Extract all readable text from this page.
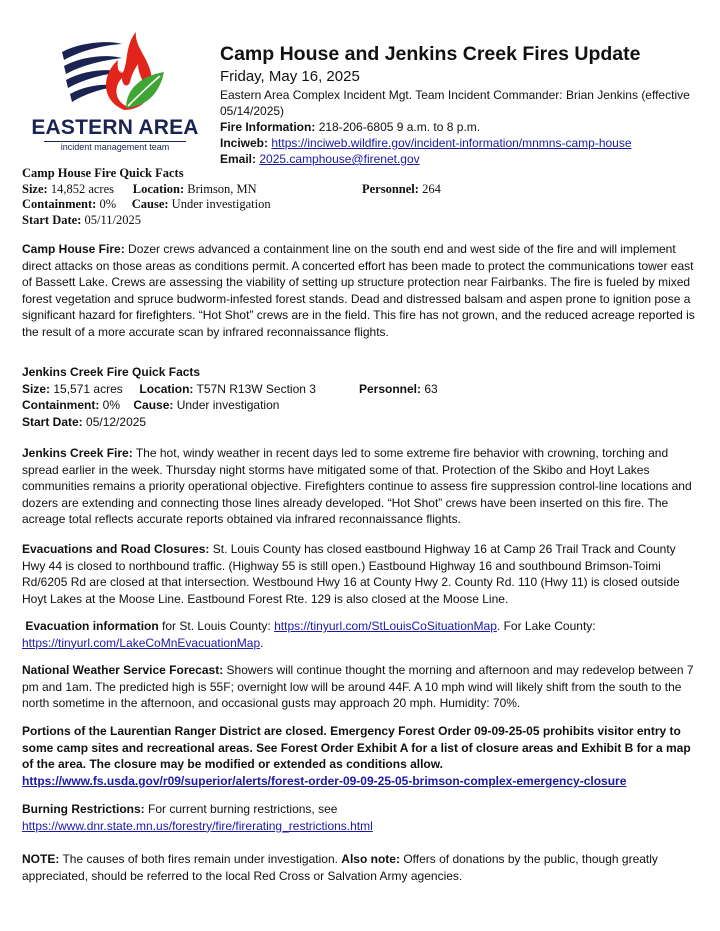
EASTERN AREA
incident management team
Camp House and Jenkins Creek Fires Update
Friday, May 16, 2025
Eastern Area Complex Incident Mgt. Team Incident Commander: Brian Jenkins (effective 05/14/2025)
Fire Information: 218-206-6805 9 a.m. to 8 p.m.
Inciweb: https://inciweb.wildfire.gov/incident-information/mnmns-camp-house
Email: 2025.camphouse@firenet.gov
Camp House Fire Quick Facts
Size: 14,852 acres Location: Brimson, MN	Personnel: 264
Containment: 0% Cause: Under investigation
Start Date: 05/11/2025
Camp House Fire: Dozer crews advanced a containment line on the south end and west side of the fire and will implement direct attacks on those areas as conditions permit. A concerted effort has been made to protect the communications tower east of Bassett Lake. Crews are assessing the viability of setting up structure protection near Fairbanks. The fire is fueled by mixed forest vegetation and spruce budworm-infested forest stands. Dead and distressed balsam and aspen prone to ignition pose a significant hazard for firefighters. “Hot Shot” crews are in the field. This fire has not grown, and the reduced acreage reported is the result of a more accurate scan by infrared reconnaissance flights.
Jenkins Creek Fire Quick Facts
Size: 15,571 acres Location: T57N R13W Section 3	Personnel: 63
Containment: 0% Cause: Under investigation
Start Date: 05/12/2025
Jenkins Creek Fire: The hot, windy weather in recent days led to some extreme fire behavior with crowning, torching and spread earlier in the week. Thursday night storms have mitigated some of that. Protection of the Skibo and Hoyt Lakes communities remains a priority operational objective. Firefighters continue to assess fire suppression control-line locations and dozers are extending and connecting those lines already developed. “Hot Shot” crews have been inserted on this fire. The acreage total reflects accurate reports obtained via infrared reconnaissance flights.
Evacuations and Road Closures: St. Louis County has closed eastbound Highway 16 at Camp 26 Trail Track and County Hwy 44 is closed to northbound traffic. (Highway 55 is still open.) Eastbound Highway 16 and southbound Brimson-Toimi Rd/6205 Rd are closed at that intersection. Westbound Hwy 16 at County Hwy 2. County Rd. 110 (Hwy 11) is closed outside Hoyt Lakes at the Moose Line. Eastbound Forest Rte. 129 is also closed at the Moose Line.
Evacuation information for St. Louis County: https://tinyurl.com/StLouisCoSituationMap. For Lake County: https://tinyurl.com/LakeCoMnEvacuationMap.
National Weather Service Forecast: Showers will continue thought the morning and afternoon and may redevelop between 7 pm and 1am. The predicted high is 55F; overnight low will be around 44F. A 10 mph wind will likely shift from the south to the north sometime in the afternoon, and occasional gusts may approach 20 mph. Humidity: 70%.
Portions of the Laurentian Ranger District are closed. Emergency Forest Order 09-09-25-05 prohibits visitor entry to some camp sites and recreational areas. See Forest Order Exhibit A for a list of closure areas and Exhibit B for a map of the area. The closure may be modified or extended as conditions allow.
https://www.fs.usda.gov/r09/superior/alerts/forest-order-09-09-25-05-brimson-complex-emergency-closure
Burning Restrictions: For current burning restrictions, see
https://www.dnr.state.mn.us/forestry/fire/firerating_restrictions.html
NOTE: The causes of both fires remain under investigation. Also note: Offers of donations by the public, though greatly appreciated, should be referred to the local Red Cross or Salvation Army agencies.
